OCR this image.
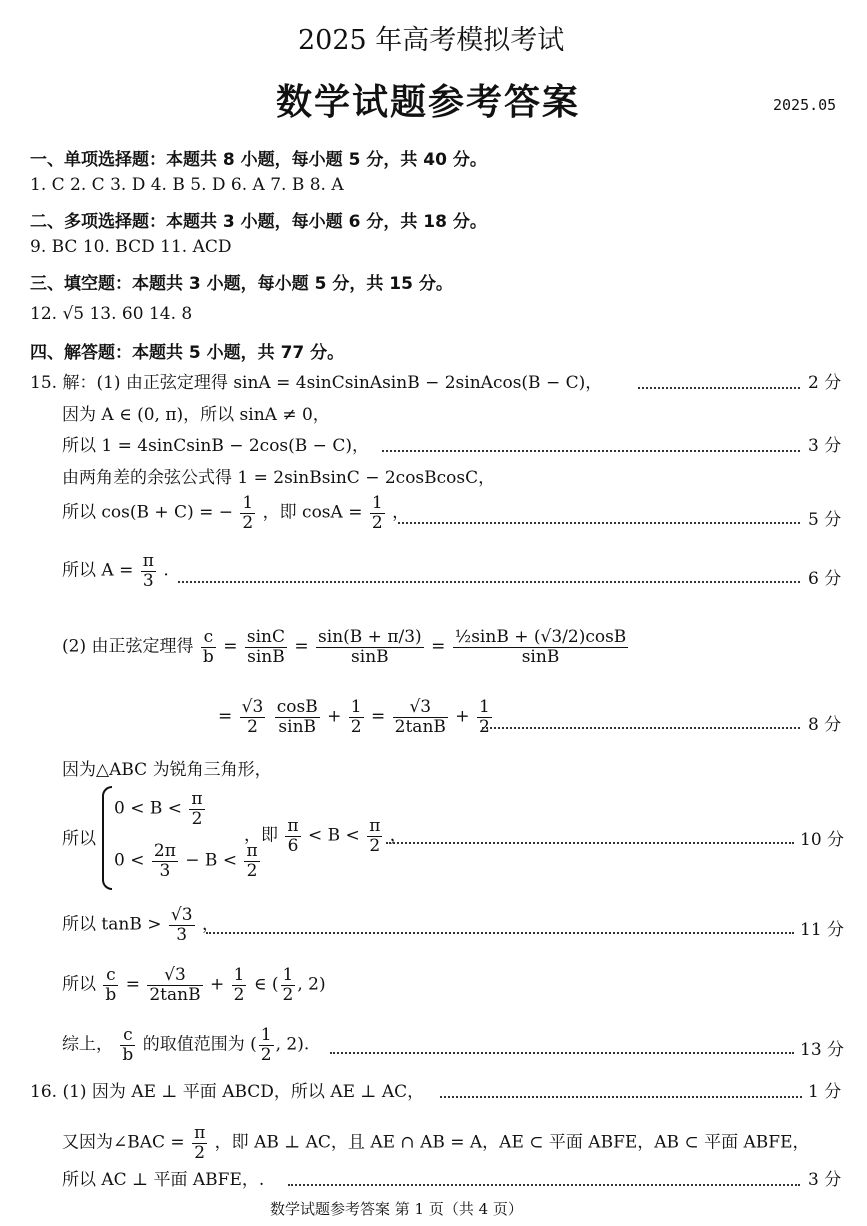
2025 年高考模拟考试
数学试题参考答案	2025.05
一、单项选择题：本题共 8 小题，每小题 5 分，共 40 分。
1. C 2. C 3. D 4. B 5. D 6. A 7. B 8. A
二、多项选择题：本题共 3 小题，每小题 6 分，共 18 分。
9. BC 10. BCD 11. ACD
三、填空题：本题共 3 小题，每小题 5 分，共 15 分。
12. √5 13. 60 14. 8
四、解答题：本题共 5 小题，共 77 分。
15. 解：(1) 由正弦定理得 sinA = 4sinCsinAsinB − 2sinAcos(B − C)，	2 分
因为 A ∈ (0, π)，所以 sinA ≠ 0，
所以 1 = 4sinCsinB − 2cos(B − C)，	3 分
由两角差的余弦公式得 1 = 2sinBsinC − 2cosBcosC，
所以 cos(B + C) = − $\frac{1}{2}$ ，即 $\cos A = \frac{1}{2}$ ，	5 分
所以 $A = \frac{\pi}{3}$ .	6 分
(2) 由正弦定理得 $\frac{c}{b} = \frac{\sin C}{\sin B} = \frac{\sin(B + \pi/3)}{\sin B} = \frac{\text{½sinB + (√3/2)cosB}}{\sin B}$
= $\frac{√3}{2}$
$\frac{\cos B}{\sin B} + \frac{1}{2} = \frac{√3}{2\tan B} + \frac{1}{2}$	8 分
因为△ABC 为锐角三角形，
所以
$0 < B < \frac{\pi}{2}$
$0 < \frac{2\pi}{3} - B < \frac{\pi}{2}$
，即 $\frac{\pi}{6} < B < \frac{\pi}{2}$ ，	10 分
所以 $\tan B > \frac{√3}{3}$ ，	11 分
所以 $\frac{c}{b} = \frac{√3}{2\tan B} + \frac{1}{2}$ ∈ ( $\frac{1}{2}$ , 2)
综上， $\frac{c}{b}$ 的取值范围为 ( $\frac{1}{2}$ , 2).	13 分
16. (1) 因为 AE ⊥ 平面 ABCD，所以 AE ⊥ AC，	1 分
又因为∠BAC = $\frac{\pi}{2}$ ，即 AB ⊥ AC，且 AE ∩ AB = A，AE ⊂ 平面 ABFE，AB ⊂ 平面 ABFE，
所以 AC ⊥ 平面 ABFE，.	3 分
数学试题参考答案 第 1 页（共 4 页）
